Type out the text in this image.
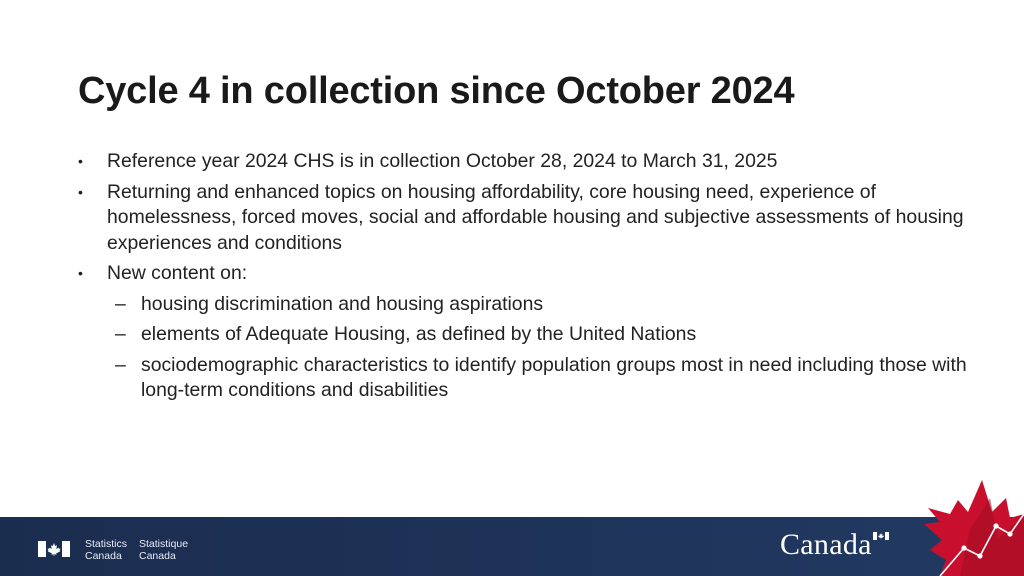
Cycle 4 in collection since October 2024
•	Reference year 2024 CHS is in collection October 28, 2024 to March 31, 2025
•	Returning and enhanced topics on housing affordability, core housing need, experience of homelessness, forced moves, social and affordable housing and subjective assessments of housing experiences and conditions
•	New content on:
– housing discrimination and housing aspirations
– elements of Adequate Housing, as defined by the United Nations
– sociodemographic characteristics to identify population groups most in need including those with long-term conditions and disabilities
Statistics
Canada
Statistique
Canada	Canada
